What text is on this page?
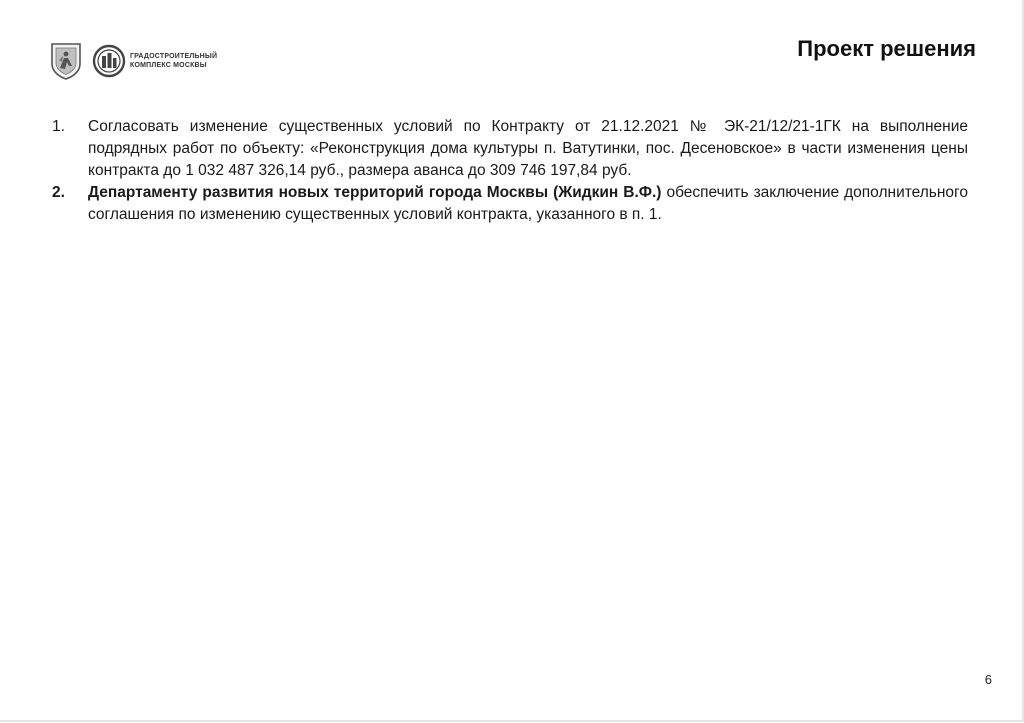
ГРАДОСТРОИТЕЛЬНЫЙ
КОМПЛЕКС МОСКВЫ
Проект решения
1.	Согласовать изменение существенных условий по Контракту от 21.12.2021 № ЭК-21/12/21-1ГК на выполнение подрядных работ по объекту: «Реконструкция дома культуры п. Ватутинки, пос. Десеновское» в части изменения цены контракта до 1 032 487 326,14 руб., размера аванса до 309 746 197,84 руб.
2.	Департаменту развития новых территорий города Москвы (Жидкин В.Ф.) обеспечить заключение дополнительного соглашения по изменению существенных условий контракта, указанного в п. 1.
6
